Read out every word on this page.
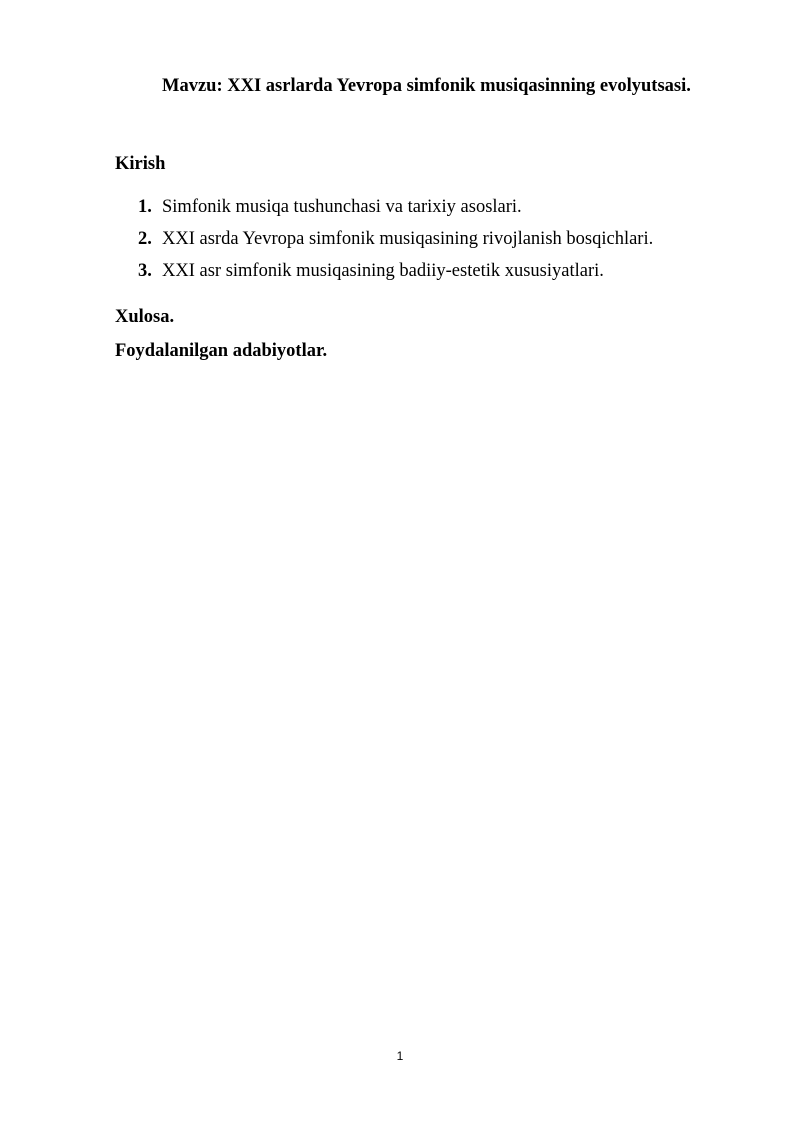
Mavzu: XXI asrlarda Yevropa simfonik musiqasinning evolyutsasi.
Kirish
1. Simfonik musiqa tushunchasi va tarixiy asoslari.
2. XXI asrda Yevropa simfonik musiqasining rivojlanish bosqichlari.
3. XXI asr simfonik musiqasining badiiy-estetik xususiyatlari.
Xulosa.
Foydalanilgan adabiyotlar.
1
